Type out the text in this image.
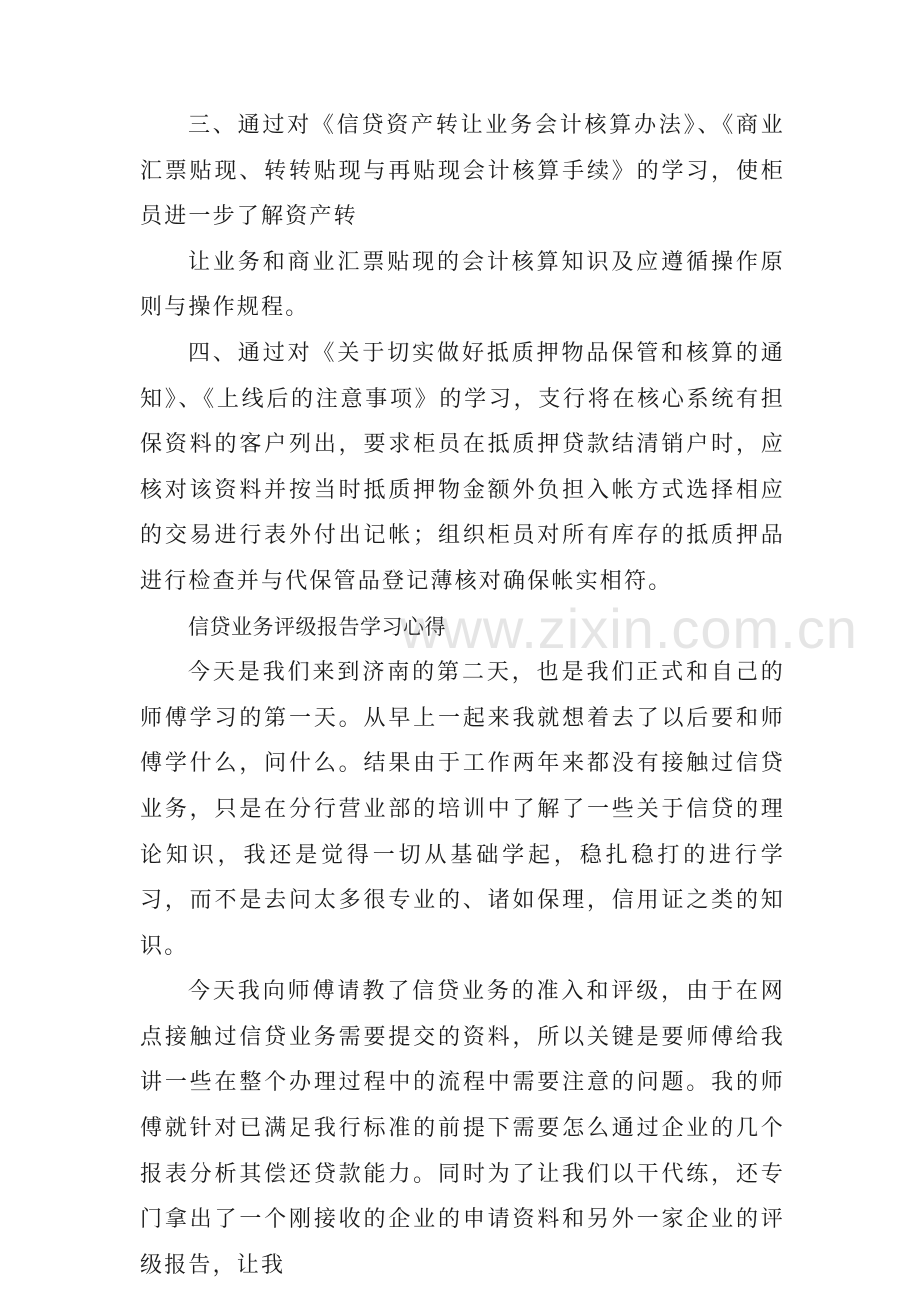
三、通过对《信贷资产转让业务会计核算办法》、《商业汇票贴现、转转贴现与再贴现会计核算手续》的学习，使柜员进一步了解资产转

让业务和商业汇票贴现的会计核算知识及应遵循操作原则与操作规程。

四、通过对《关于切实做好抵质押物品保管和核算的通知》、《上线后的注意事项》的学习，支行将在核心系统有担保资料的客户列出，要求柜员在抵质押贷款结清销户时，应核对该资料并按当时抵质押物金额外负担入帐方式选择相应的交易进行表外付出记帐；组织柜员对所有库存的抵质押品进行检查并与代保管品登记薄核对确保帐实相符。

信贷业务评级报告学习心得

今天是我们来到济南的第二天，也是我们正式和自己的师傅学习的第一天。从早上一起来我就想着去了以后要和师傅学什么，问什么。结果由于工作两年来都没有接触过信贷业务，只是在分行营业部的培训中了解了一些关于信贷的理论知识，我还是觉得一切从基础学起，稳扎稳打的进行学习，而不是去问太多很专业的、诸如保理，信用证之类的知识。

今天我向师傅请教了信贷业务的准入和评级，由于在网点接触过信贷业务需要提交的资料，所以关键是要师傅给我讲一些在整个办理过程中的流程中需要注意的问题。我的师傅就针对已满足我行标准的前提下需要怎么通过企业的几个报表分析其偿还贷款能力。同时为了让我们以干代练，还专门拿出了一个刚接收的企业的申请资料和另外一家企业的评级报告，让我

www.zixin.com.cn
